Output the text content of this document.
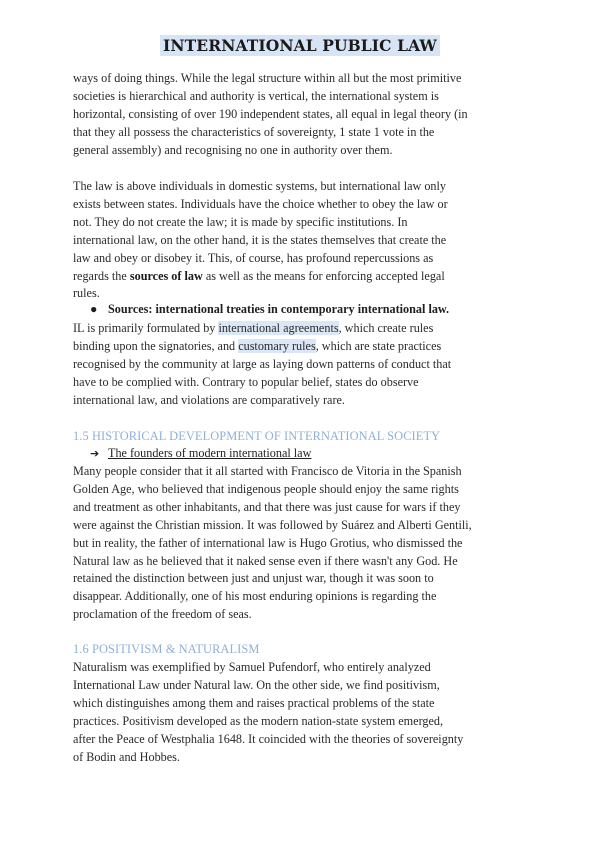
INTERNATIONAL PUBLIC LAW

ways of doing things. While the legal structure within all but the most primitive
societies is hierarchical and authority is vertical, the international system is
horizontal, consisting of over 190 independent states, all equal in legal theory (in
that they all possess the characteristics of sovereignty, 1 state 1 vote in the
general assembly) and recognising no one in authority over them.

The law is above individuals in domestic systems, but international law only
exists between states. Individuals have the choice whether to obey the law or
not. They do not create the law; it is made by specific institutions. In
international law, on the other hand, it is the states themselves that create the
law and obey or disobey it. This, of course, has profound repercussions as
regards the sources of law as well as the means for enforcing accepted legal
rules.

● Sources: international treaties in contemporary international law.

IL is primarily formulated by international agreements, which create rules
binding upon the signatories, and customary rules, which are state practices
recognised by the community at large as laying down patterns of conduct that
have to be complied with. Contrary to popular belief, states do observe
international law, and violations are comparatively rare.

1.5 HISTORICAL DEVELOPMENT OF INTERNATIONAL SOCIETY
➔ The founders of modern international law

Many people consider that it all started with Francisco de Vitoria in the Spanish
Golden Age, who believed that indigenous people should enjoy the same rights
and treatment as other inhabitants, and that there was just cause for wars if they
were against the Christian mission. It was followed by Suárez and Alberti Gentili,
but in reality, the father of international law is Hugo Grotius, who dismissed the
Natural law as he believed that it naked sense even if there wasn't any God. He
retained the distinction between just and unjust war, though it was soon to
disappear. Additionally, one of his most enduring opinions is regarding the
proclamation of the freedom of seas.

1.6 POSITIVISM & NATURALISM

Naturalism was exemplified by Samuel Pufendorf, who entirely analyzed
International Law under Natural law. On the other side, we find positivism,
which distinguishes among them and raises practical problems of the state
practices. Positivism developed as the modern nation-state system emerged,
after the Peace of Westphalia 1648. It coincided with the theories of sovereignty
of Bodin and Hobbes.
